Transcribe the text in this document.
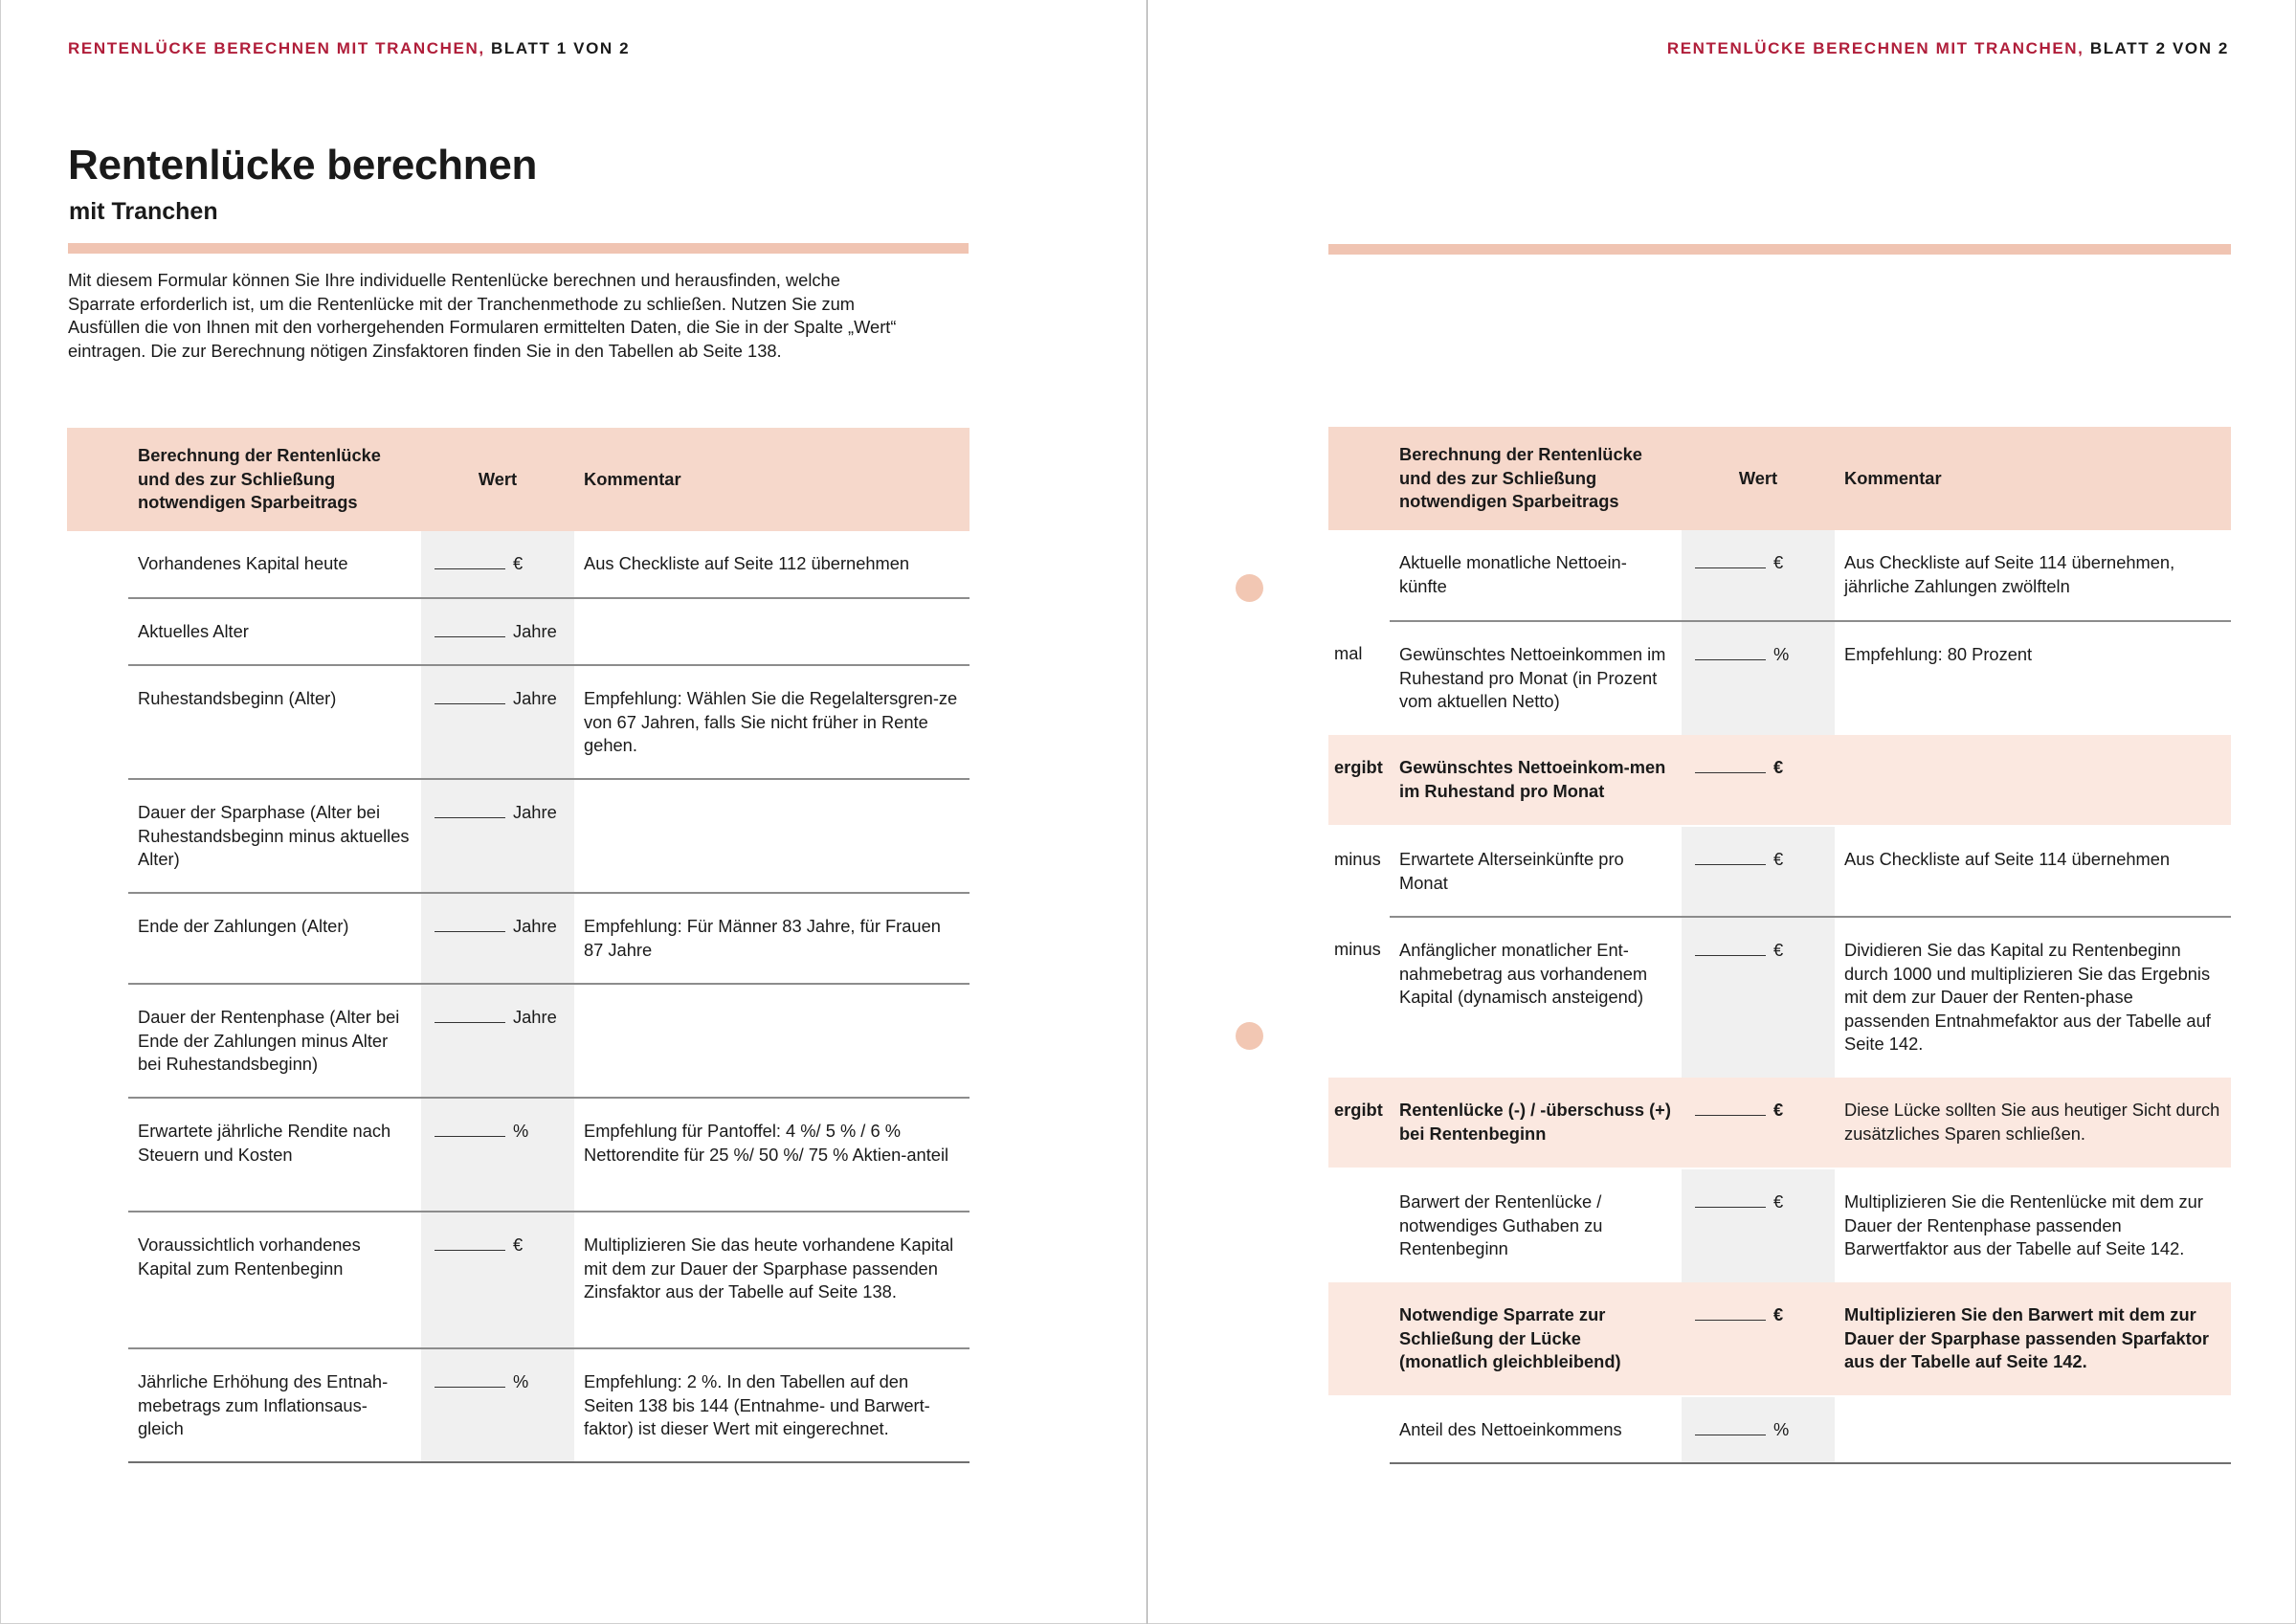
RENTENLÜCKE BERECHNEN MIT TRANCHEN, BLATT 1 VON 2
Rentenlücke berechnen
mit Tranchen
Mit diesem Formular können Sie Ihre individuelle Rentenlücke berechnen und herausfinden, welche Sparrate erforderlich ist, um die Rentenlücke mit der Tranchenmethode zu schließen. Nutzen Sie zum Ausfüllen die von Ihnen mit den vorhergehenden Formularen ermittelten Daten, die Sie in der Spalte „Wert“ eintragen. Die zur Berechnung nötigen Zinsfaktoren finden Sie in den Tabellen ab Seite 138.
	Berechnung der Rentenlücke und des zur Schließung notwendigen Sparbeitrags	Wert	Kommentar
	Vorhandenes Kapital heute	€	Aus Checkliste auf Seite 112 übernehmen
	Aktuelles Alter	Jahre	
	Ruhestandsbeginn (Alter)	Jahre	Empfehlung: Wählen Sie die Regelaltersgren-ze von 67 Jahren, falls Sie nicht früher in Rente gehen.
	Dauer der Sparphase (Alter bei Ruhestandsbeginn minus aktuelles Alter)	Jahre	
	Ende der Zahlungen (Alter)	Jahre	Empfehlung: Für Männer 83 Jahre, für Frauen 87 Jahre
	Dauer der Rentenphase (Alter bei Ende der Zahlungen minus Alter bei Ruhestandsbeginn)	Jahre	
	Erwartete jährliche Rendite nach Steuern und Kosten	%	Empfehlung für Pantoffel: 4 %/ 5 % / 6 % Nettorendite für 25 %/ 50 %/ 75 % Aktien-anteil
	Voraussichtlich vorhandenes Kapital zum Rentenbeginn	€	Multiplizieren Sie das heute vorhandene Kapital mit dem zur Dauer der Sparphase passenden Zinsfaktor aus der Tabelle auf Seite 138.
	Jährliche Erhöhung des Entnah-mebetrags zum Inflationsaus-gleich	%	Empfehlung: 2 %. In den Tabellen auf den Seiten 138 bis 144 (Entnahme- und Barwert-faktor) ist dieser Wert mit eingerechnet.
RENTENLÜCKE BERECHNEN MIT TRANCHEN, BLATT 2 VON 2
	Berechnung der Rentenlücke und des zur Schließung notwendigen Sparbeitrags	Wert	Kommentar
	Aktuelle monatliche Nettoein-künfte	€	Aus Checkliste auf Seite 114 übernehmen, jährliche Zahlungen zwölfteln
mal	Gewünschtes Nettoeinkommen im Ruhestand pro Monat (in Prozent vom aktuellen Netto)	%	Empfehlung: 80 Prozent
ergibt	Gewünschtes Nettoeinkom-men im Ruhestand pro Monat	€	
minus	Erwartete Alterseinkünfte pro Monat	€	Aus Checkliste auf Seite 114 übernehmen
minus	Anfänglicher monatlicher Ent-nahmebetrag aus vorhandenem Kapital (dynamisch ansteigend)	€	Dividieren Sie das Kapital zu Rentenbeginn durch 1000 und multiplizieren Sie das Ergebnis mit dem zur Dauer der Renten-phase passenden Entnahmefaktor aus der Tabelle auf Seite 142.
ergibt	Rentenlücke (-) / -überschuss (+) bei Rentenbeginn	€	Diese Lücke sollten Sie aus heutiger Sicht durch zusätzliches Sparen schließen.
	Barwert der Rentenlücke / notwendiges Guthaben zu Rentenbeginn	€	Multiplizieren Sie die Rentenlücke mit dem zur Dauer der Rentenphase passenden Barwertfaktor aus der Tabelle auf Seite 142.
	Notwendige Sparrate zur Schließung der Lücke (monatlich gleichbleibend)	€	Multiplizieren Sie den Barwert mit dem zur Dauer der Sparphase passenden Sparfaktor aus der Tabelle auf Seite 142.
	Anteil des Nettoeinkommens	%	
